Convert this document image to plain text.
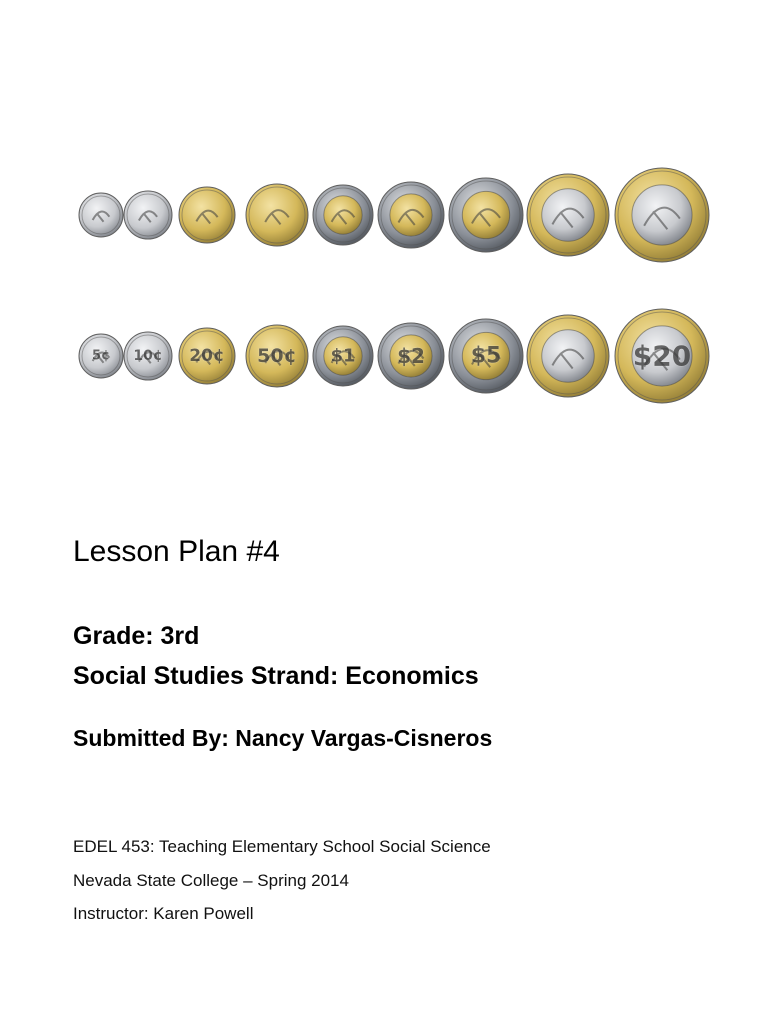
5¢ 10¢ 20¢ 50¢ $1 $2 $5	$20
Lesson Plan #4
Grade: 3rd
Social Studies Strand: Economics
Submitted By: Nancy Vargas-Cisneros

EDEL 453: Teaching Elementary School Social Science

Nevada State College – Spring 2014

Instructor: Karen Powell
